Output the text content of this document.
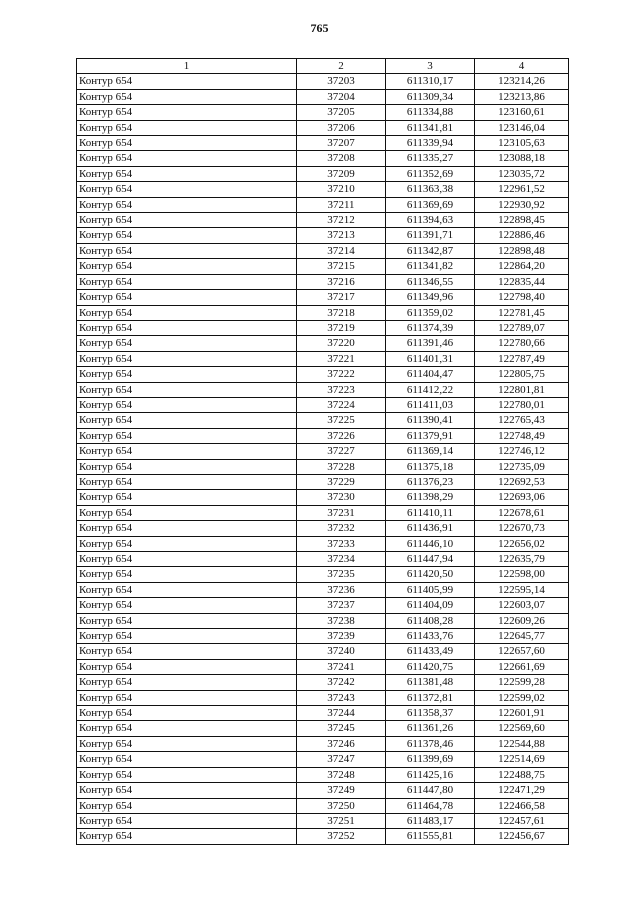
765
1	2	3	4
Контур 654	37203	611310,17	123214,26
Контур 654	37204	611309,34	123213,86
Контур 654	37205	611334,88	123160,61
Контур 654	37206	611341,81	123146,04
Контур 654	37207	611339,94	123105,63
Контур 654	37208	611335,27	123088,18
Контур 654	37209	611352,69	123035,72
Контур 654	37210	611363,38	122961,52
Контур 654	37211	611369,69	122930,92
Контур 654	37212	611394,63	122898,45
Контур 654	37213	611391,71	122886,46
Контур 654	37214	611342,87	122898,48
Контур 654	37215	611341,82	122864,20
Контур 654	37216	611346,55	122835,44
Контур 654	37217	611349,96	122798,40
Контур 654	37218	611359,02	122781,45
Контур 654	37219	611374,39	122789,07
Контур 654	37220	611391,46	122780,66
Контур 654	37221	611401,31	122787,49
Контур 654	37222	611404,47	122805,75
Контур 654	37223	611412,22	122801,81
Контур 654	37224	611411,03	122780,01
Контур 654	37225	611390,41	122765,43
Контур 654	37226	611379,91	122748,49
Контур 654	37227	611369,14	122746,12
Контур 654	37228	611375,18	122735,09
Контур 654	37229	611376,23	122692,53
Контур 654	37230	611398,29	122693,06
Контур 654	37231	611410,11	122678,61
Контур 654	37232	611436,91	122670,73
Контур 654	37233	611446,10	122656,02
Контур 654	37234	611447,94	122635,79
Контур 654	37235	611420,50	122598,00
Контур 654	37236	611405,99	122595,14
Контур 654	37237	611404,09	122603,07
Контур 654	37238	611408,28	122609,26
Контур 654	37239	611433,76	122645,77
Контур 654	37240	611433,49	122657,60
Контур 654	37241	611420,75	122661,69
Контур 654	37242	611381,48	122599,28
Контур 654	37243	611372,81	122599,02
Контур 654	37244	611358,37	122601,91
Контур 654	37245	611361,26	122569,60
Контур 654	37246	611378,46	122544,88
Контур 654	37247	611399,69	122514,69
Контур 654	37248	611425,16	122488,75
Контур 654	37249	611447,80	122471,29
Контур 654	37250	611464,78	122466,58
Контур 654	37251	611483,17	122457,61
Контур 654	37252	611555,81	122456,67
